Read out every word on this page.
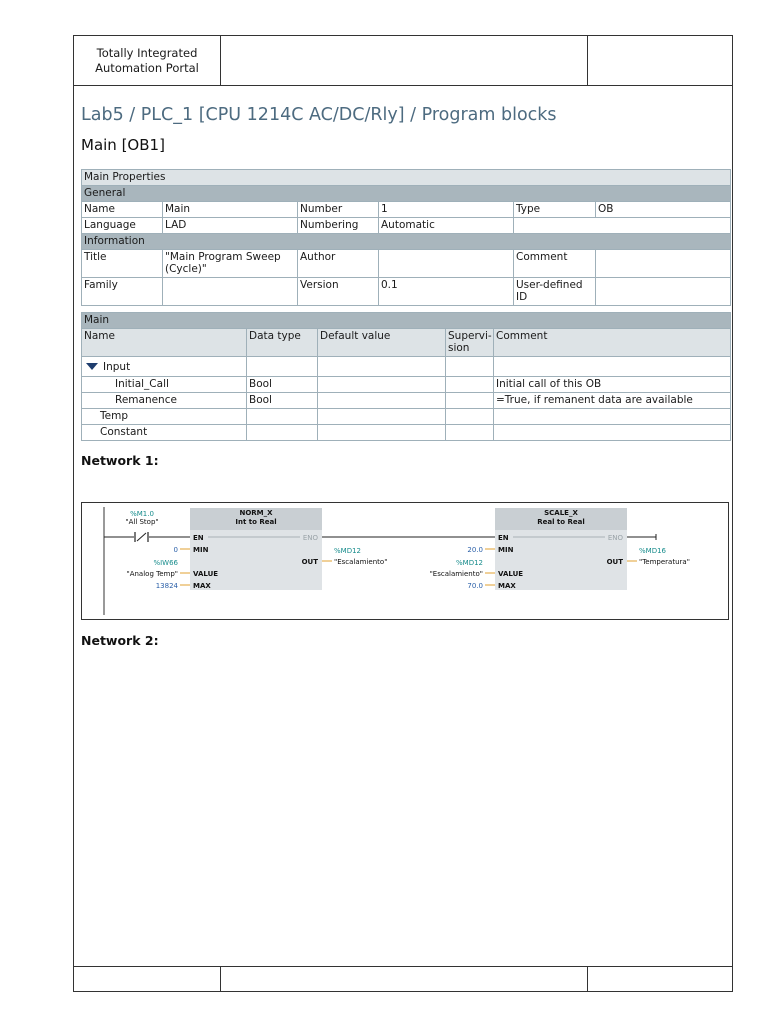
Totally Integrated
Automation Portal
Lab5 / PLC_1 [CPU 1214C AC/DC/Rly] / Program blocks
Main [OB1]
Main Properties					
General					
Name	Main	Number	1	Type	OB
Language	LAD	Numbering	Automatic		
Information					
Title	"Main Program Sweep (Cycle)"	Author		Comment	
Family		Version	0.1	User-defined ID	
Main				
Name	Data type	Default value	Supervi-sion	Comment
Input				
Initial_Call	Bool			Initial call of this OB
Remanence	Bool			=True, if remanent data are available
Temp				
Constant				
Network 1:
%M1.0
"All Stop"
NORM_X
Int to Real
EN	ENO
MIN
VALUE
MAX
OUT
0
%IW66
"Analog Temp"
13824
%MD12
"Escalamiento"
SCALE_X
Real to Real
EN	ENO
MIN
VALUE
MAX
OUT
20.0
%MD12
"Escalamiento"
70.0
%MD16
"Temperatura"
Network 2:
